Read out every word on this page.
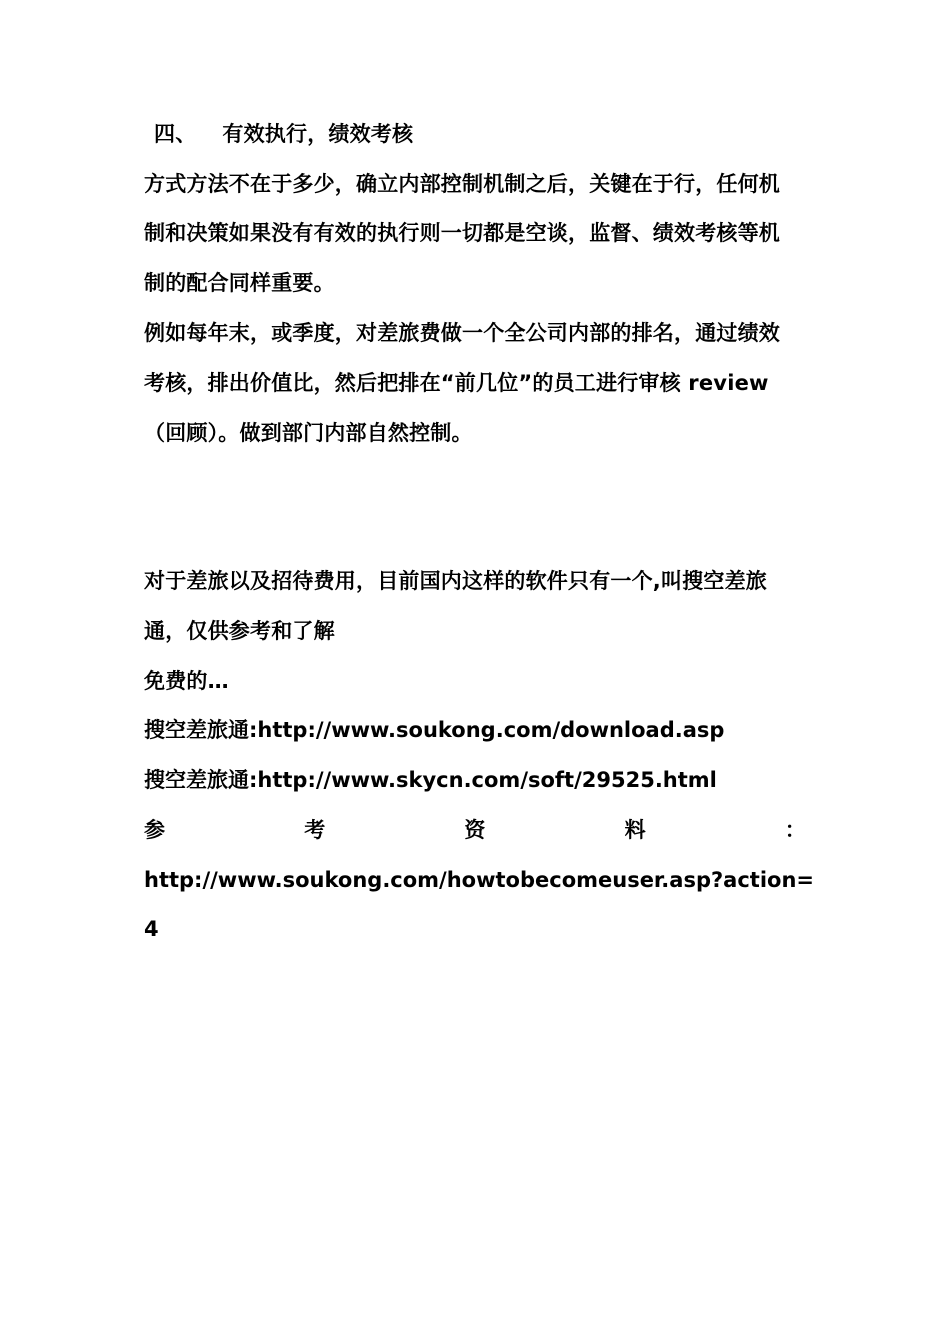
四、 有效执行，绩效考核
方式方法不在于多少，确立内部控制机制之后，关键在于行，任何机
制和决策如果没有有效的执行则一切都是空谈，监督、绩效考核等机
制的配合同样重要。
例如每年末，或季度，对差旅费做一个全公司内部的排名，通过绩效
考核，排出价值比，然后把排在“前几位”的员工进行审核 review
（回顾）。做到部门内部自然控制。
对于差旅以及招待费用，目前国内这样的软件只有一个,叫搜空差旅
通，仅供参考和了解
免费的…
搜空差旅通:http://www.soukong.com/download.asp
搜空差旅通:http://www.skycn.com/soft/29525.html
参	考	资	料	：
http://www.soukong.com/howtobecomeuser.asp?action=
4
